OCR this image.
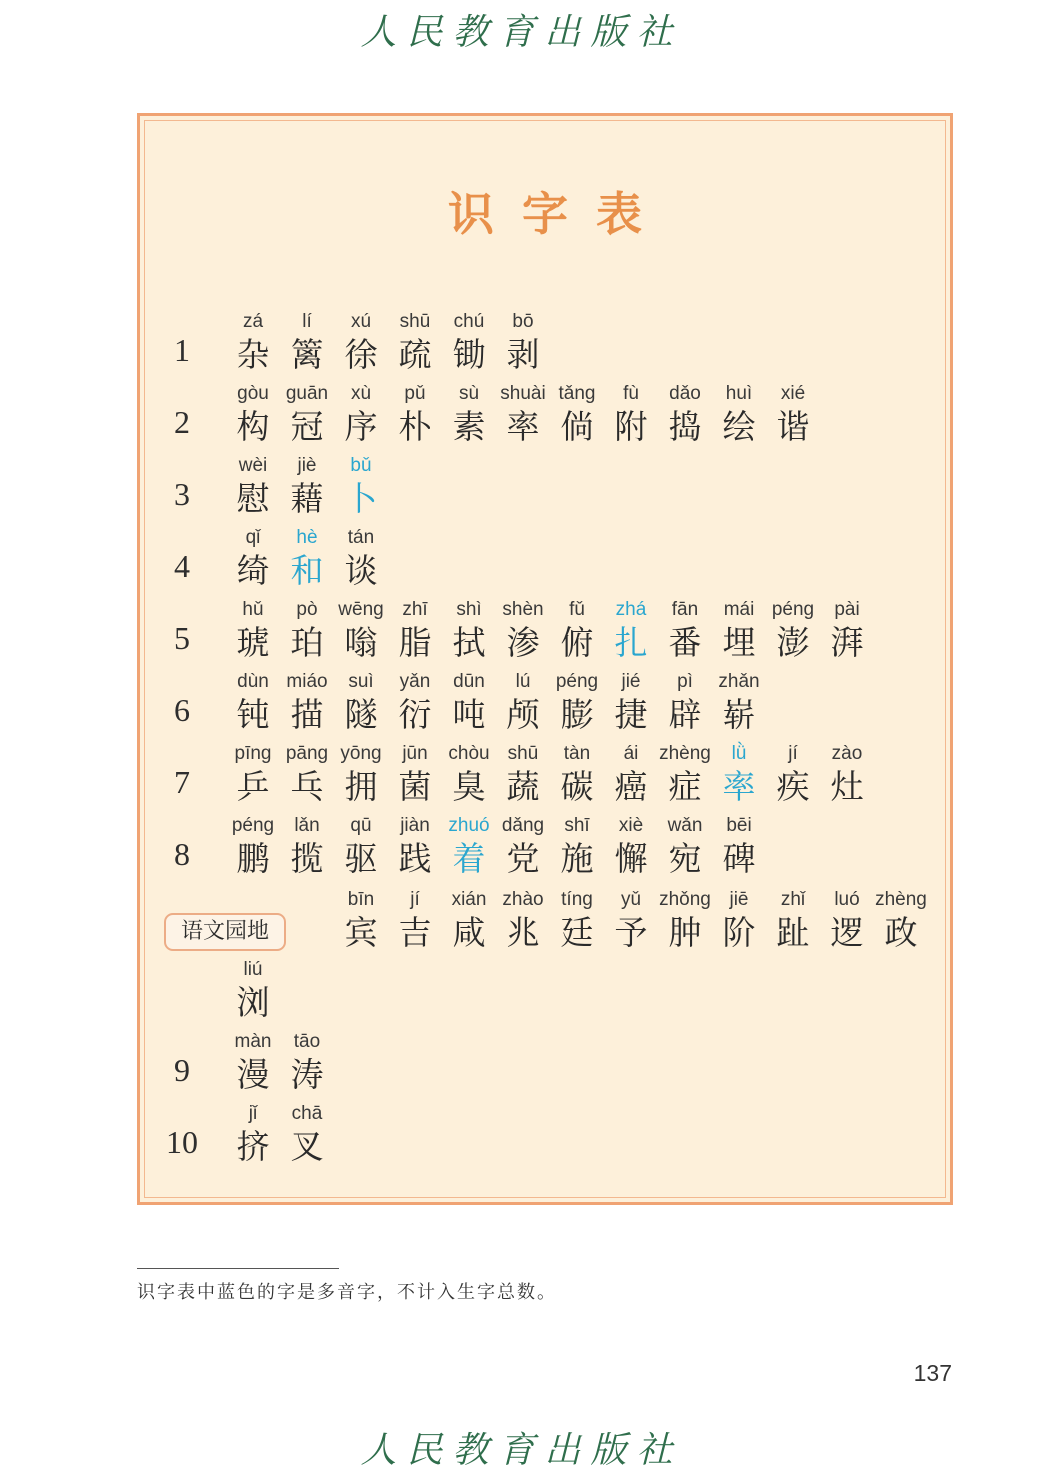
人民教育出版社
识字表
1
zá
杂
lí
篱
xú
徐
shū
疏
chú
锄
bō
剥
2
gòu
构
guān
冠
xù
序
pǔ
朴
sù
素
shuài
率
tǎng
倘
fù
附
dǎo
捣
huì
绘
xié
谐
3
wèi
慰
jiè
藉
bǔ
卜
4
qǐ
绮
hè
和
tán
谈
5
hǔ
琥
pò
珀
wēng
嗡
zhī
脂
shì
拭
shèn
渗
fǔ
俯
zhá
扎
fān
番
mái
埋
péng
澎
pài
湃
6
dùn
钝
miáo
描
suì
隧
yǎn
衍
dūn
吨
lú
颅
péng
膨
jié
捷
pì
辟
zhǎn
崭
7
pīng
乒
pāng
乓
yōng
拥
jūn
菌
chòu
臭
shū
蔬
tàn
碳
ái
癌
zhèng
症
lǜ
率
jí
疾
zào
灶
8
péng
鹏
lǎn
揽
qū
驱
jiàn
践
zhuó
着
dǎng
党
shī
施
xiè
懈
wǎn
宛
bēi
碑
bīn
宾
jí
吉
xián
咸
zhào
兆
tíng
廷
yǔ
予
zhǒng
肿
jiē
阶
zhǐ
趾
luó
逻
zhèng
政
liú
浏
9
màn
漫
tāo
涛
10
jǐ
挤
chā
叉
语文园地
识字表中蓝色的字是多音字，不计入生字总数。
137
人民教育出版社
